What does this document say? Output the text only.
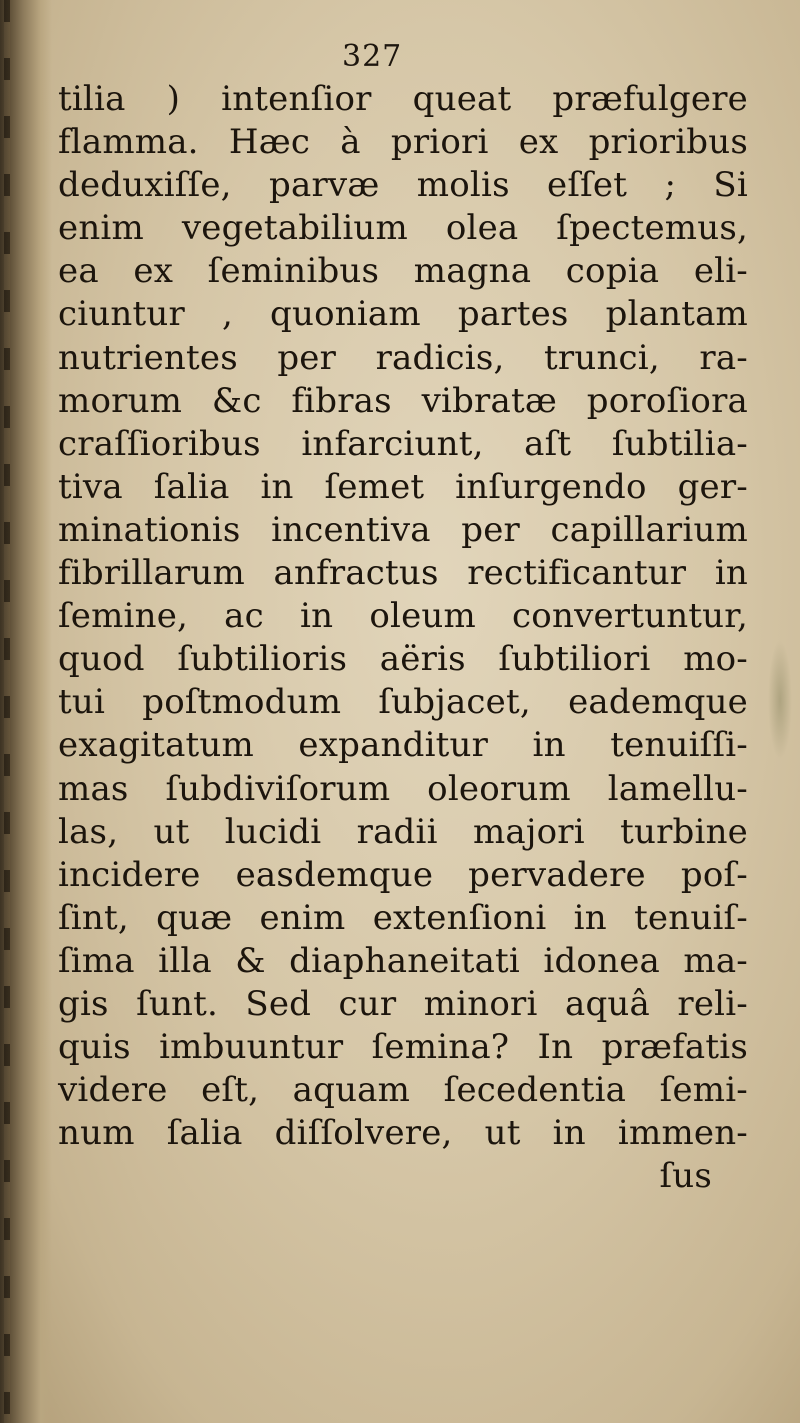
327
tilia ) intenſior queat præfulgere
flamma. Hæc à priori ex prioribus
deduxiſſe, parvæ molis eſſet ; Si
enim vegetabilium olea ſpectemus,
ea ex ſeminibus magna copia eli-
ciuntur , quoniam partes plantam
nutrientes per radicis, trunci, ra-
morum &c fibras vibratæ poroſiora
craſſioribus infarciunt, aſt ſubtilia-
tiva ſalia in ſemet inſurgendo ger-
minationis incentiva per capillarium
fibrillarum anfractus rectificantur in
ſemine, ac in oleum convertuntur,
quod ſubtilioris aëris ſubtiliori mo-
tui poſtmodum ſubjacet, eademque
exagitatum expanditur in tenuiſſi-
mas ſubdiviſorum oleorum lamellu-
las, ut lucidi radii majori turbine
incidere easdemque pervadere poſ-
ſint, quæ enim extenſioni in tenuiſ-
ſima illa & diaphaneitati idonea ma-
gis ſunt. Sed cur minori aquâ reli-
quis imbuuntur ſemina? In præfatis
videre eſt, aquam ſecedentia ſemi-
num ſalia diſſolvere, ut in immen-
ſus
